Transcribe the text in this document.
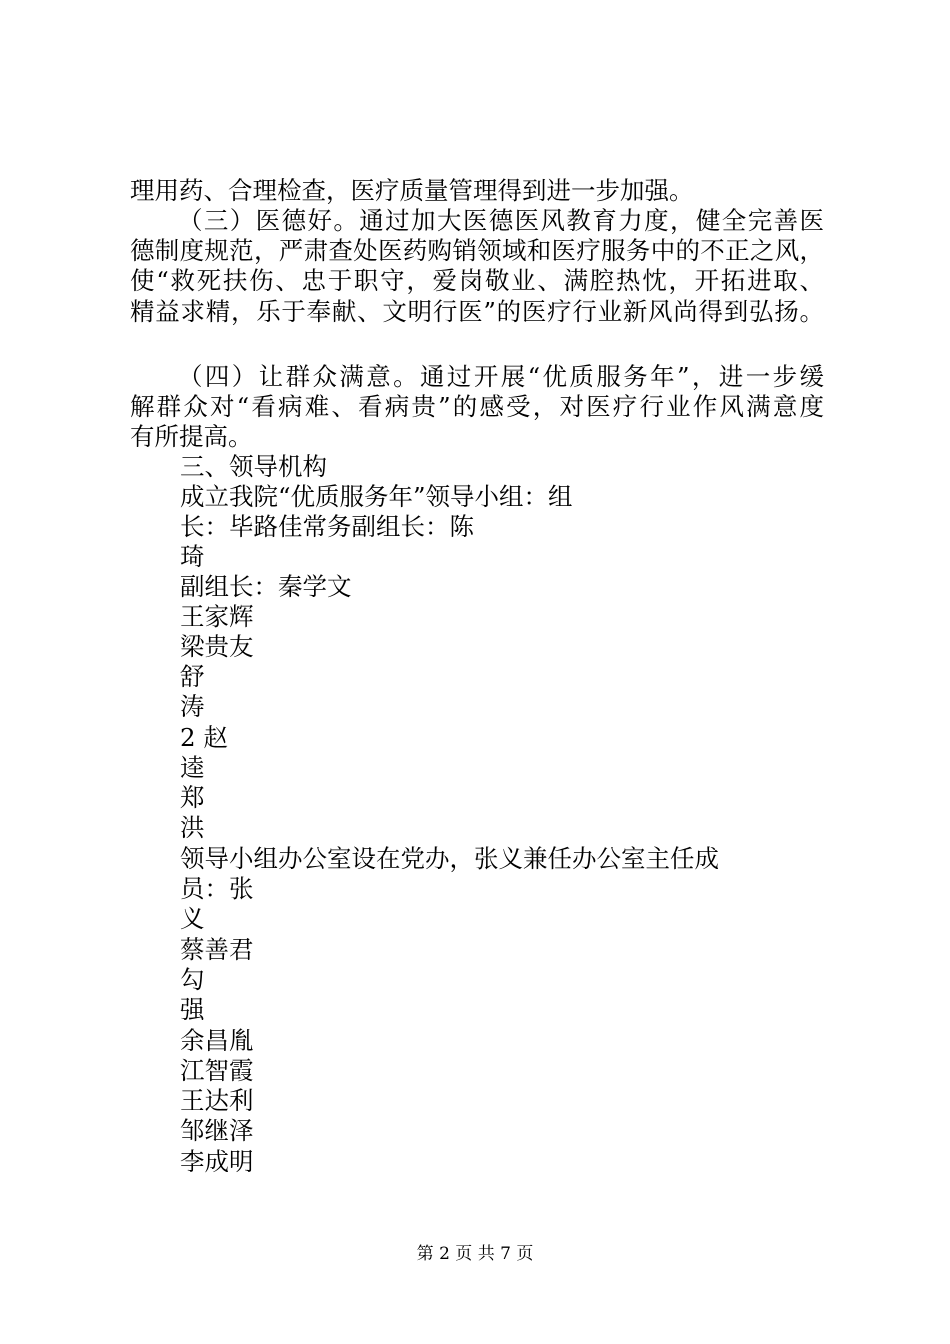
理用药、合理检查，医疗质量管理得到进一步加强。
（三）医德好。通过加大医德医风教育力度，健全完善医
德制度规范，严肃查处医药购销领域和医疗服务中的不正之风，
使“救死扶伤、忠于职守，爱岗敬业、满腔热忱，开拓进取、
精益求精，乐于奉献、文明行医”的医疗行业新风尚得到弘扬。
（四）让群众满意。通过开展“优质服务年”，进一步缓
解群众对“看病难、看病贵”的感受，对医疗行业作风满意度
有所提高。
三、领导机构
成立我院“优质服务年”领导小组：组
长：毕路佳常务副组长：陈
琦
副组长：秦学文
王家辉
梁贵友
舒
涛
2 赵
逵
郑
洪
领导小组办公室设在党办，张义兼任办公室主任成
员：张
义
蔡善君
勾
强
余昌胤
江智霞
王达利
邹继泽
李成明
第 2 页 共 7 页
